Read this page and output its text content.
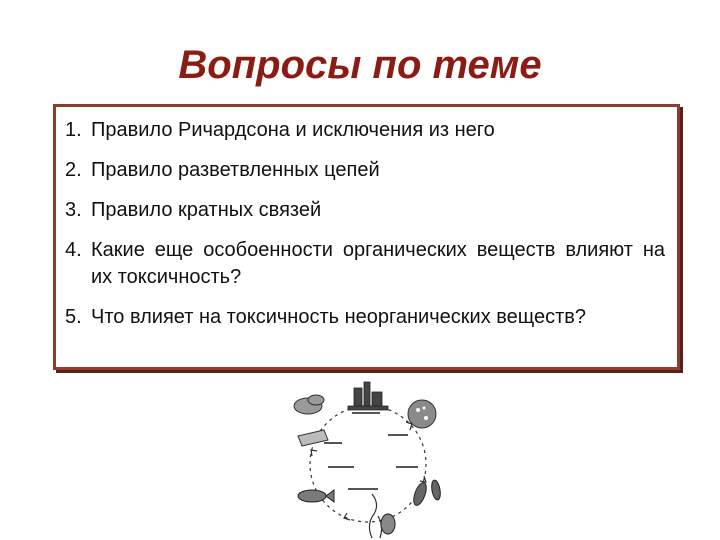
Вопросы по теме
1. Правило Ричардсона и исключения из него
2. Правило разветвленных цепей
3. Правило кратных связей
4. Какие еще особоенности органических веществ влияют на их токсичность?
5. Что влияет на токсичность неорганических веществ?
